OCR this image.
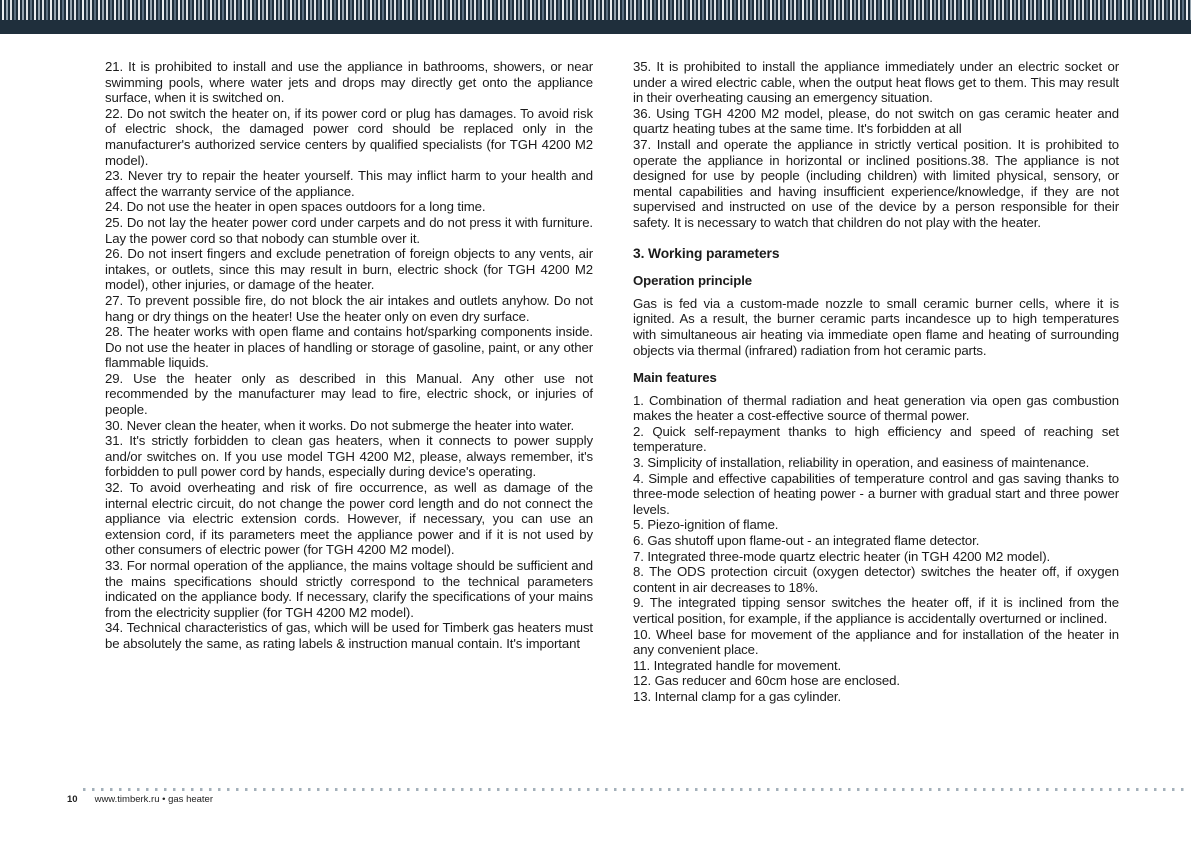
21. It is prohibited to install and use the appliance in bathrooms, showers, or near swimming pools, where water jets and drops may directly get onto the appliance surface, when it is switched on.

22. Do not switch the heater on, if its power cord or plug has damages. To avoid risk of electric shock, the damaged power cord should be replaced only in the manufacturer's authorized service centers by qualified specialists (for TGH 4200 M2 model).

23. Never try to repair the heater yourself. This may inflict harm to your health and affect the warranty service of the appliance.

24. Do not use the heater in open spaces outdoors for a long time.

25. Do not lay the heater power cord under carpets and do not press it with furniture. Lay the power cord so that nobody can stumble over it.

26. Do not insert fingers and exclude penetration of foreign objects to any vents, air intakes, or outlets, since this may result in burn, electric shock (for TGH 4200 M2 model), other injuries, or damage of the heater.

27. To prevent possible fire, do not block the air intakes and outlets anyhow. Do not hang or dry things on the heater! Use the heater only on even dry surface.

28. The heater works with open flame and contains hot/sparking components inside. Do not use the heater in places of handling or storage of gasoline, paint, or any other flammable liquids.

29. Use the heater only as described in this Manual. Any other use not recommended by the manufacturer may lead to fire, electric shock, or injuries of people.

30. Never clean the heater, when it works. Do not submerge the heater into water.

31. It's strictly forbidden to clean gas heaters, when it connects to power supply and/or switches on. If you use model TGH 4200 M2, please, always remember, it's forbidden to pull power cord by hands, especially during device's operating.

32. To avoid overheating and risk of fire occurrence, as well as damage of the internal electric circuit, do not change the power cord length and do not connect the appliance via electric extension cords. However, if necessary, you can use an extension cord, if its parameters meet the appliance power and if it is not used by other consumers of electric power (for TGH 4200 M2 model).

33. For normal operation of the appliance, the mains voltage should be sufficient and the mains specifications should strictly correspond to the technical parameters indicated on the appliance body. If necessary, clarify the specifications of your mains from the electricity supplier (for TGH 4200 M2 model).

34. Technical characteristics of gas, which will be used for Timberk gas heaters must be absolutely the same, as rating labels & instruction manual contain. It's important

35. It is prohibited to install the appliance immediately under an electric socket or under a wired electric cable, when the output heat flows get to them. This may result in their overheating causing an emergency situation.

36. Using TGH 4200 M2 model, please, do not switch on gas ceramic heater and quartz heating tubes at the same time. It's forbidden at all

37. Install and operate the appliance in strictly vertical position. It is prohibited to operate the appliance in horizontal or inclined positions.38. The appliance is not designed for use by people (including children) with limited physical, sensory, or mental capabilities and having insufficient experience/knowledge, if they are not supervised and instructed on use of the device by a person responsible for their safety. It is necessary to watch that children do not play with the heater.

3. Working parameters
Operation principle

Gas is fed via a custom-made nozzle to small ceramic burner cells, where it is ignited. As a result, the burner ceramic parts incandesce up to high temperatures with simultaneous air heating via immediate open flame and heating of surrounding objects via thermal (infrared) radiation from hot ceramic parts.

Main features

1. Combination of thermal radiation and heat generation via open gas combustion makes the heater a cost-effective source of thermal power.

2. Quick self-repayment thanks to high efficiency and speed of reaching set temperature.

3. Simplicity of installation, reliability in operation, and easiness of maintenance.

4. Simple and effective capabilities of temperature control and gas saving thanks to three-mode selection of heating power - a burner with gradual start and three power levels.

5. Piezo-ignition of flame.

6. Gas shutoff upon flame-out - an integrated flame detector.

7. Integrated three-mode quartz electric heater (in TGH 4200 M2 model).

8. The ODS protection circuit (oxygen detector) switches the heater off, if oxygen content in air decreases to 18%.

9. The integrated tipping sensor switches the heater off, if it is inclined from the vertical position, for example, if the appliance is accidentally overturned or inclined.

10. Wheel base for movement of the appliance and for installation of the heater in any convenient place.

11. Integrated handle for movement.

12. Gas reducer and 60cm hose are enclosed.

13. Internal clamp for a gas cylinder.

10 www.timberk.ru • gas heater
